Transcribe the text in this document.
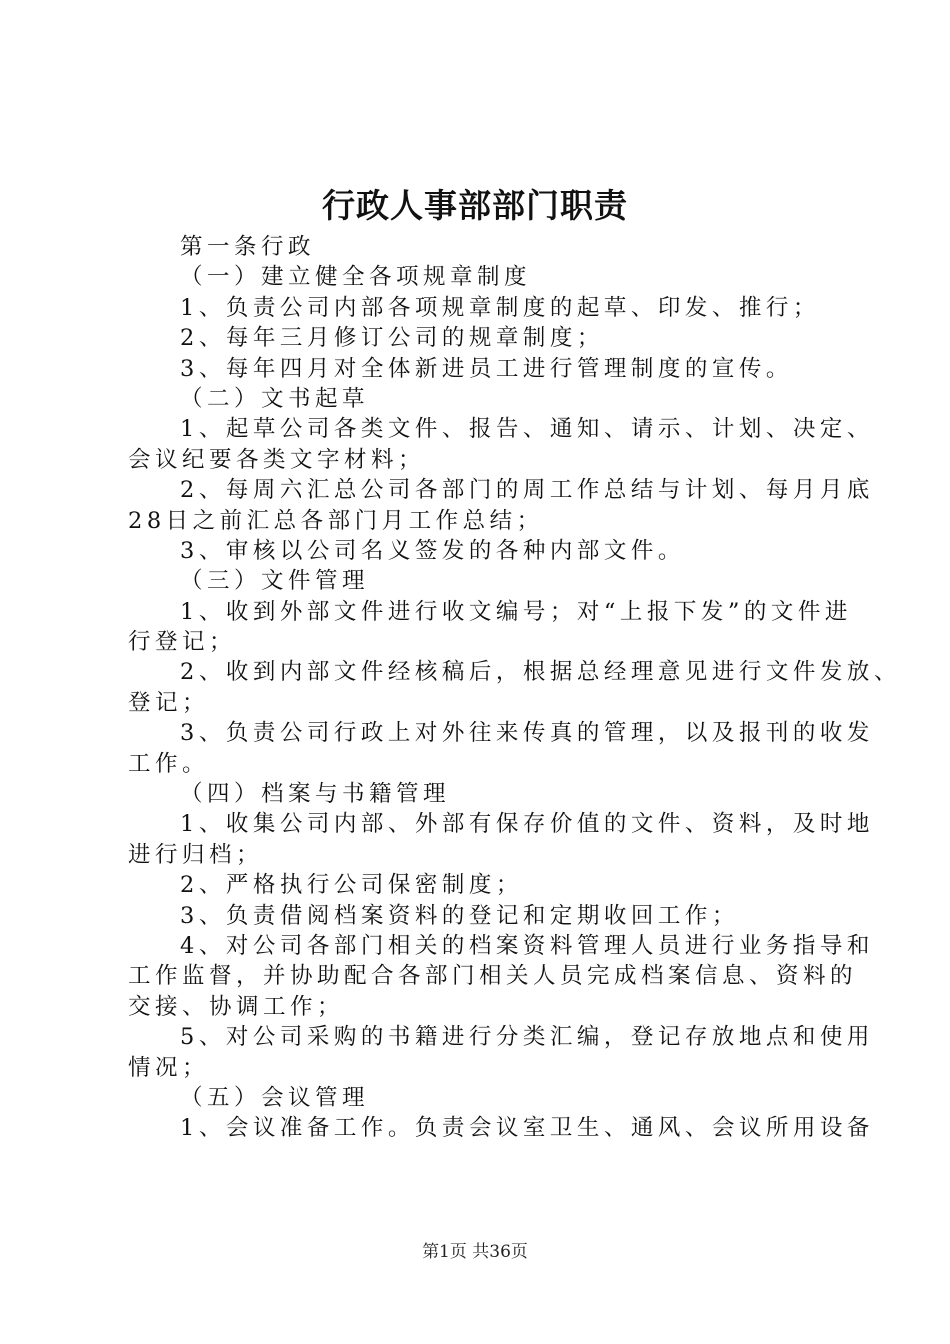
行政人事部部门职责
第一条行政
（一）建立健全各项规章制度
1、负责公司内部各项规章制度的起草、印发、推行；
2、每年三月修订公司的规章制度；
3、每年四月对全体新进员工进行管理制度的宣传。
（二）文书起草
1、起草公司各类文件、报告、通知、请示、计划、决定、
会议纪要各类文字材料；
2、每周六汇总公司各部门的周工作总结与计划、每月月底
28日之前汇总各部门月工作总结；
3、审核以公司名义签发的各种内部文件。
（三）文件管理
1、收到外部文件进行收文编号；对“上报下发”的文件进
行登记；
2、收到内部文件经核稿后，根据总经理意见进行文件发放、
登记；
3、负责公司行政上对外往来传真的管理，以及报刊的收发
工作。
（四）档案与书籍管理
1、收集公司内部、外部有保存价值的文件、资料，及时地
进行归档；
2、严格执行公司保密制度；
3、负责借阅档案资料的登记和定期收回工作；
4、对公司各部门相关的档案资料管理人员进行业务指导和
工作监督，并协助配合各部门相关人员完成档案信息、资料的
交接、协调工作；
5、对公司采购的书籍进行分类汇编，登记存放地点和使用
情况；
（五）会议管理
1、会议准备工作。负责会议室卫生、通风、会议所用设备
第1页 共36页
